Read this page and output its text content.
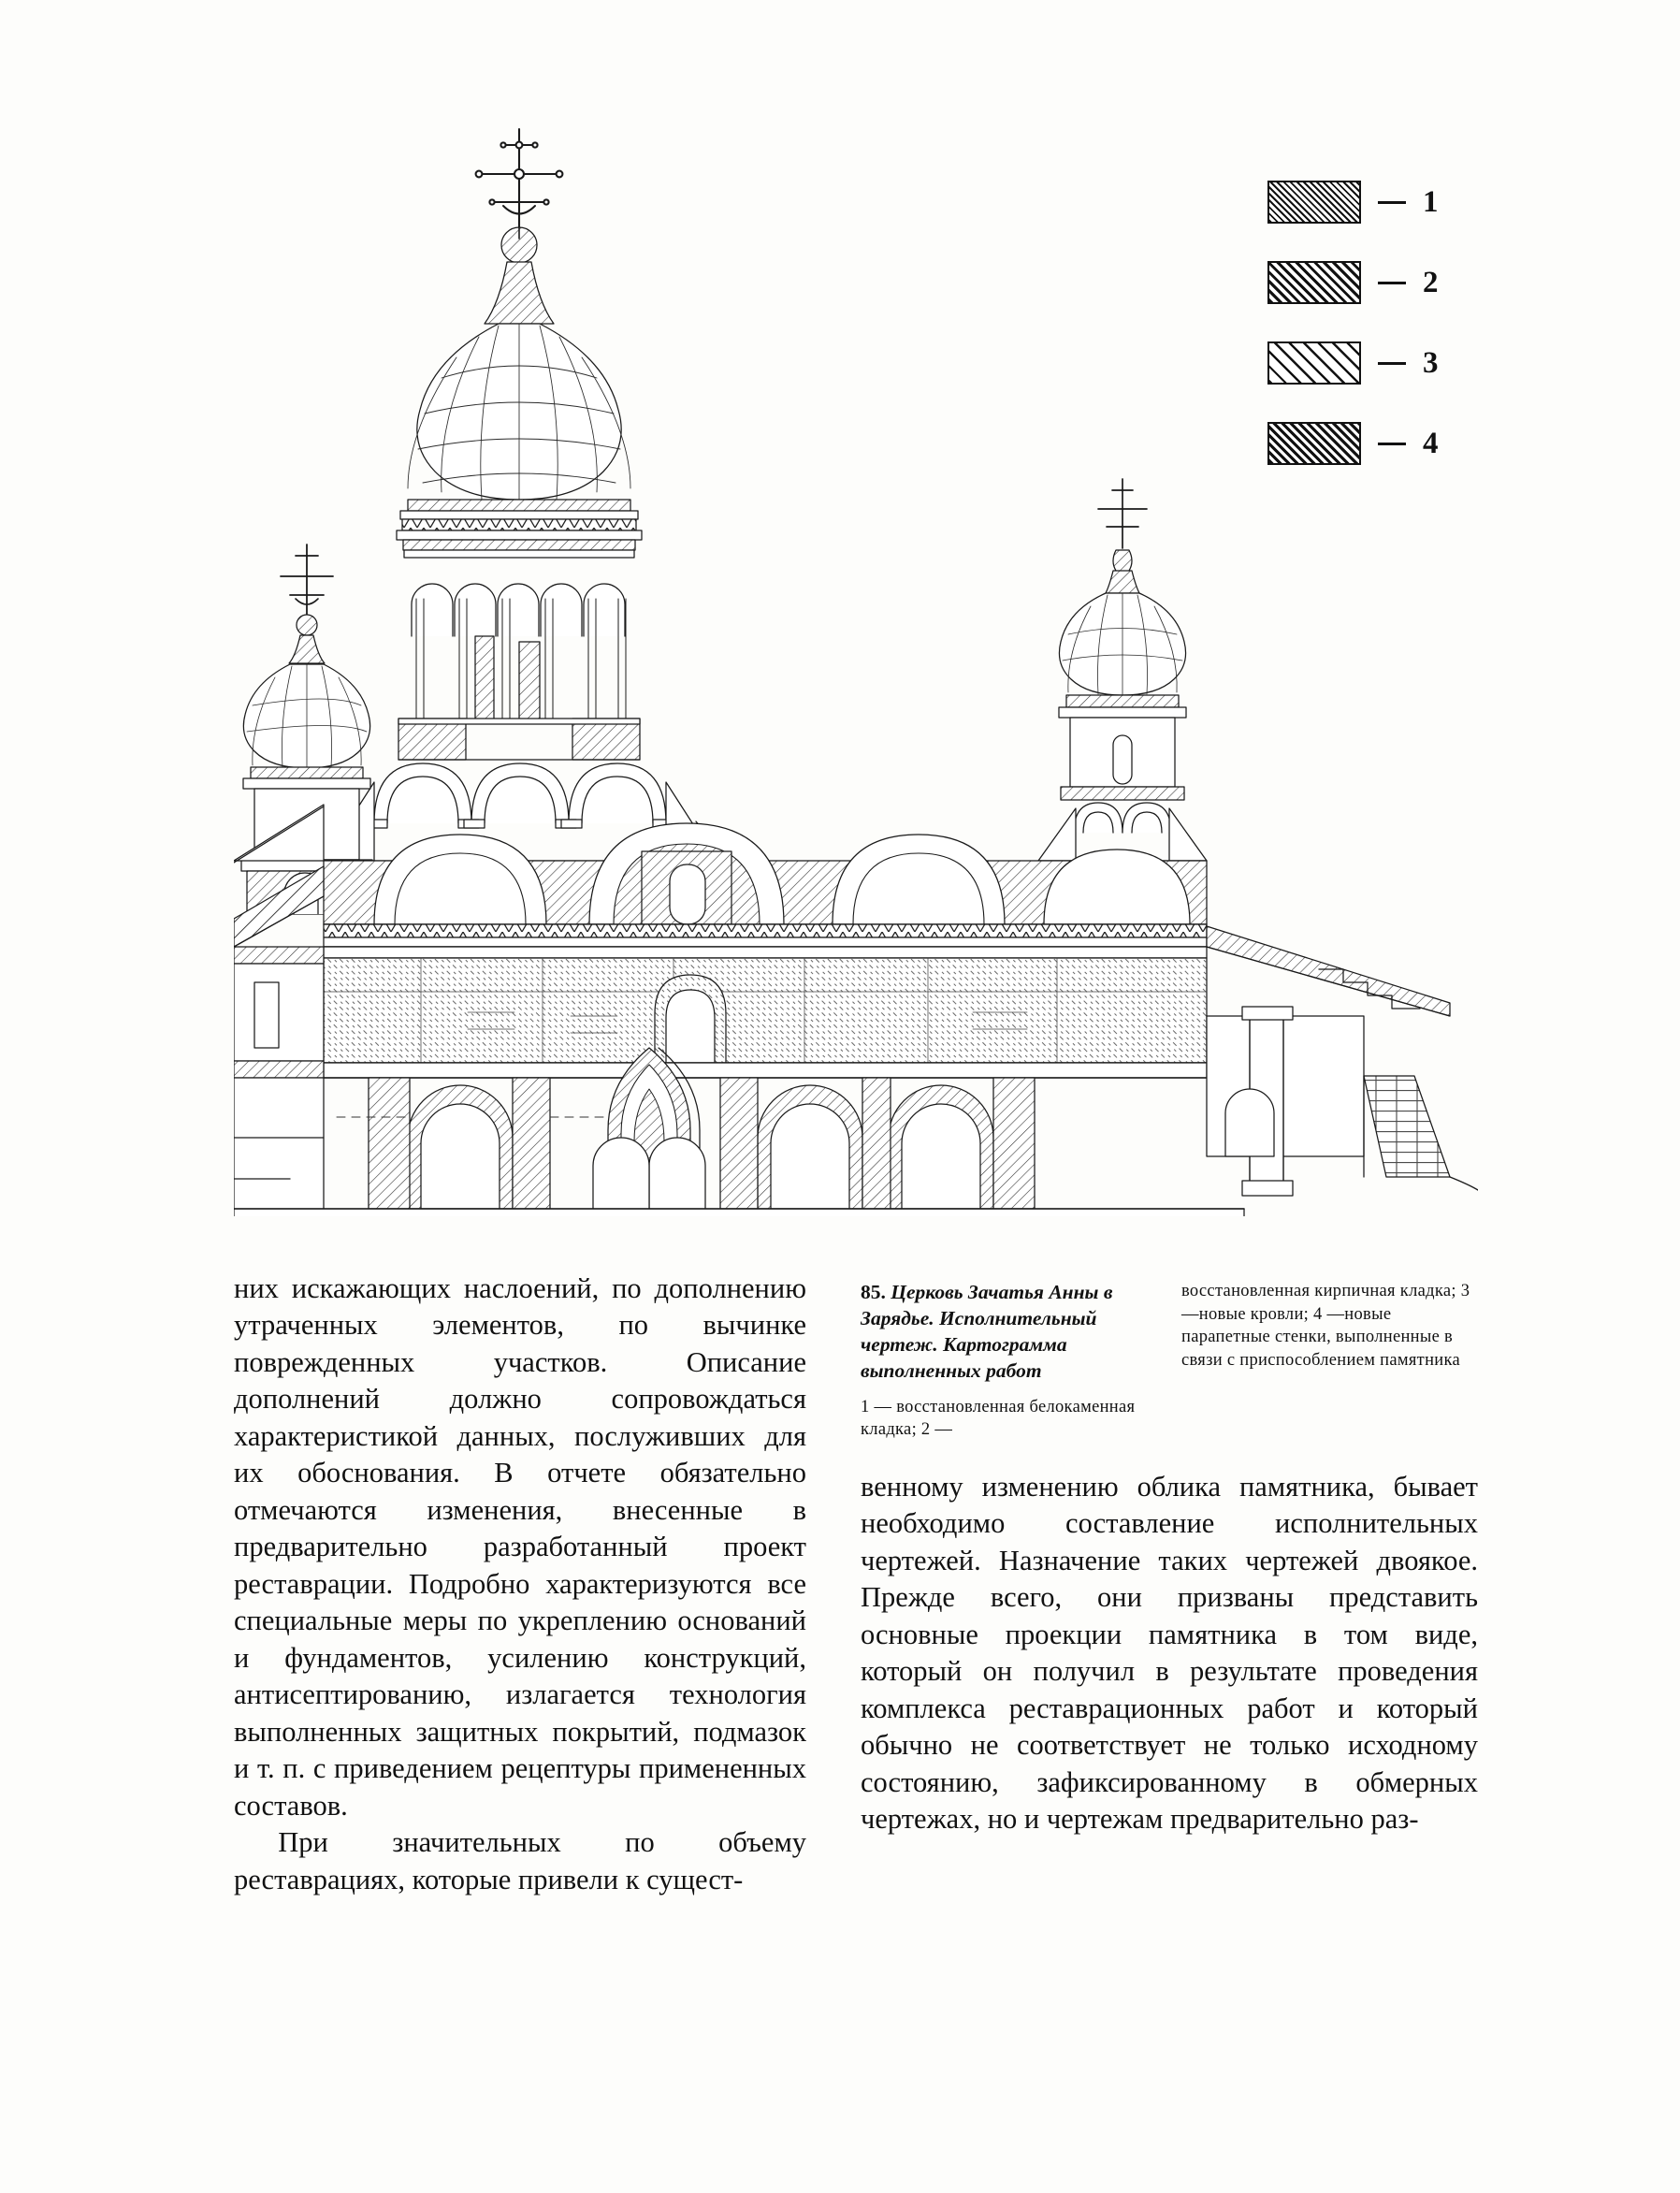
1
2
3
4

85. Церковь Зачатья Анны в Зарядье. Исполнительный чертеж. Картограмма выполненных работ

1 — восстановленная белокаменная кладка; 2 —

восстановленная кирпичная кладка; 3 —новые кровли; 4 —новые парапетные стенки, выполненные в связи с приспособлением памятника

них искажающих наслоений, по дополнению утраченных элементов, по вычинке поврежденных участков. Описание дополнений должно сопровождаться характеристикой данных, послуживших для их обоснования. В отчете обязательно отмечаются изменения, внесенные в предварительно разработанный проект реставрации. Подробно характеризуются все специальные меры по укреплению оснований и фундаментов, усилению конструкций, антисептированию, излагается технология выполненных защитных покрытий, подмазок и т. п. с приведением рецептуры примененных составов.

При значительных по объему реставрациях, которые привели к сущест-

венному изменению облика памятника, бывает необходимо составление исполнительных чертежей. Назначение таких чертежей двоякое. Прежде всего, они призваны представить основные проекции памятника в том виде, который он получил в результате проведения комплекса реставрационных работ и который обычно не соответствует не только исходному состоянию, зафиксированному в обмерных чертежах, но и чертежам предварительно раз-
